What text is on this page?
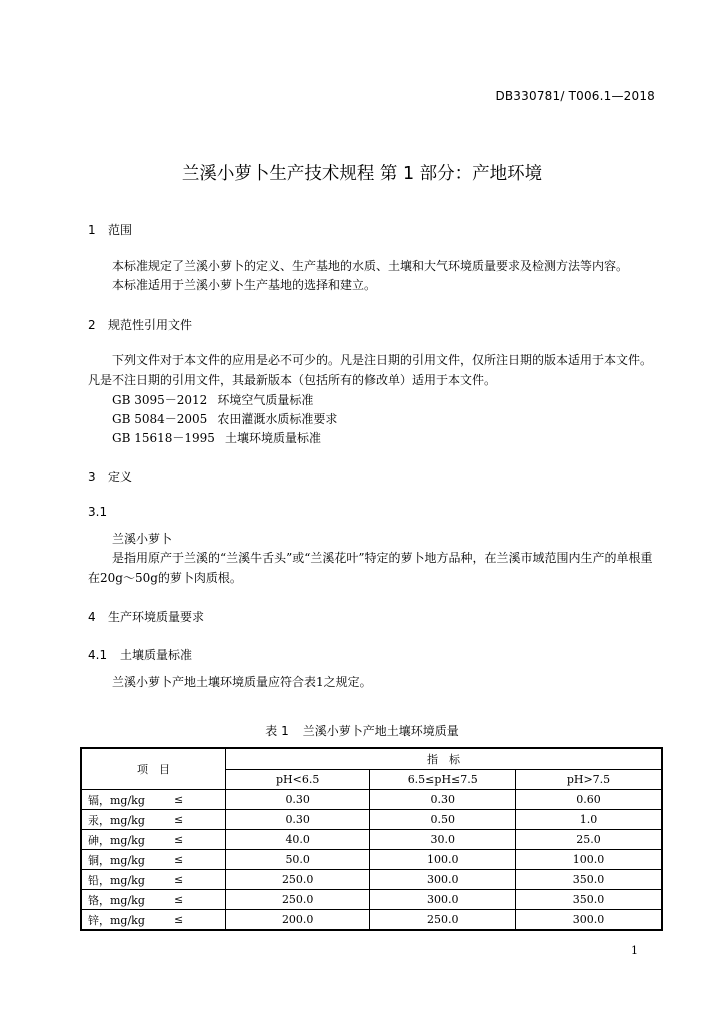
DB330781/ T006.1—2018
兰溪小萝卜生产技术规程 第 1 部分：产地环境
1 范围
本标准规定了兰溪小萝卜的定义、生产基地的水质、土壤和大气环境质量要求及检测方法等内容。
本标准适用于兰溪小萝卜生产基地的选择和建立。
2 规范性引用文件
下列文件对于本文件的应用是必不可少的。凡是注日期的引用文件，仅所注日期的版本适用于本文件。凡是不注日期的引用文件，其最新版本（包括所有的修改单）适用于本文件。
GB 3095－2012 环境空气质量标准
GB 5084－2005 农田灌溉水质标准要求
GB 15618－1995 土壤环境质量标准
3 定义
3.1
兰溪小萝卜
是指用原产于兰溪的“兰溪牛舌头”或“兰溪花叶”特定的萝卜地方品种，在兰溪市域范围内生产的单根重在20g～50g的萝卜肉质根。
4 生产环境质量要求
4.1 土壤质量标准
兰溪小萝卜产地土壤环境质量应符合表1之规定。
表 1 兰溪小萝卜产地土壤环境质量
项　目	指　标		
	pH<6.5	6.5≤pH≤7.5	pH>7.5
镉，mg/kg ≤	0.30	0.30	0.60
汞，mg/kg ≤	0.30	0.50	1.0
砷，mg/kg ≤	40.0	30.0	25.0
铜，mg/kg ≤	50.0	100.0	100.0
铅，mg/kg ≤	250.0	300.0	350.0
铬，mg/kg ≤	250.0	300.0	350.0
锌，mg/kg ≤	200.0	250.0	300.0
1
